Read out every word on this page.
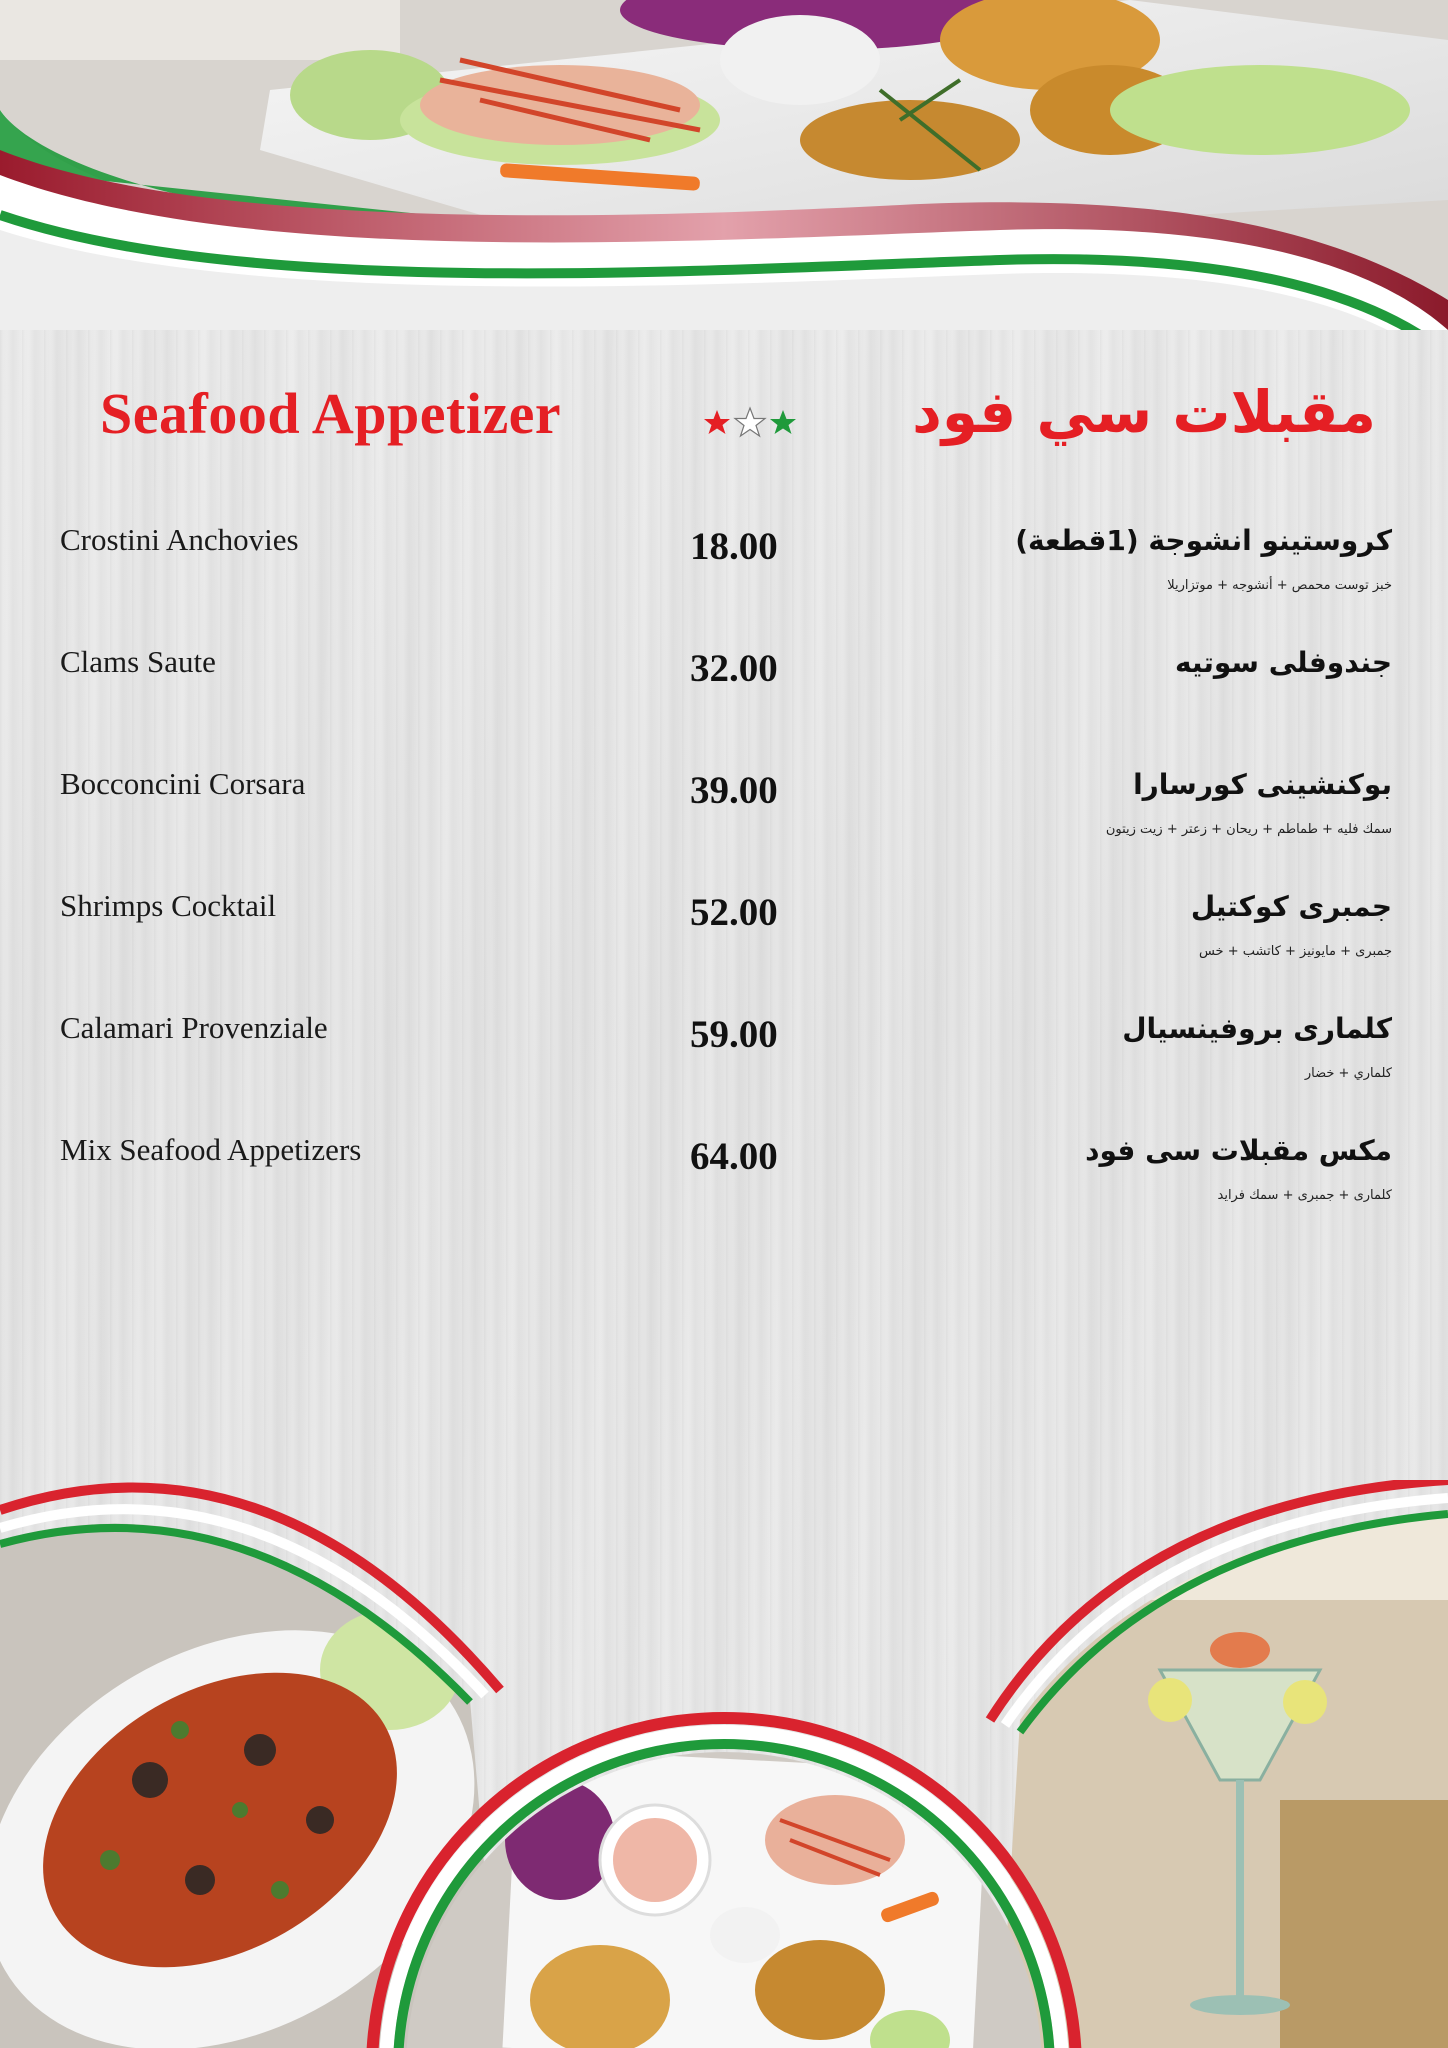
Seafood Appetizer	مقبلات سي فود
Crostini Anchovies	18.00	كروستينو انشوجة (1قطعة)
خبز توست محمص + أنشوجه + موتزاريلا
Clams Saute	32.00	جندوفلى سوتيه
Bocconcini Corsara	39.00	بوكنشينى كورسارا
سمك فليه + طماطم + ريحان + زعتر + زيت زيتون
Shrimps Cocktail	52.00	جمبرى كوكتيل
جمبرى + مايونيز + كاتشب + خس
Calamari Provenziale	59.00	كلمارى بروفينسيال
كلماري + خضار
Mix Seafood Appetizers	64.00	مكس مقبلات سى فود
كلمارى + جمبرى + سمك فرايد
